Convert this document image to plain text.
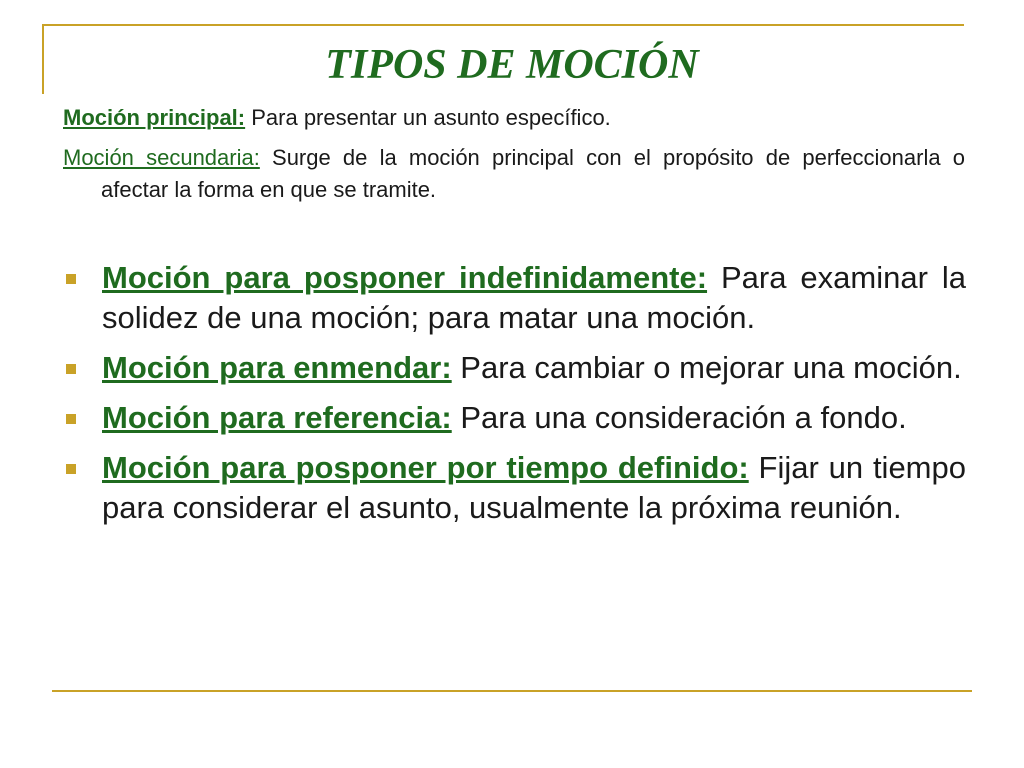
TIPOS DE MOCIÓN
Moción principal: Para presentar un asunto específico.
Moción secundaria: Surge de la moción principal con el propósito de perfeccionarla o afectar la forma en que se tramite.
Moción para posponer indefinidamente: Para examinar la solidez de una moción; para matar una moción.
Moción para enmendar: Para cambiar o mejorar una moción.
Moción para referencia: Para una consideración a fondo.
Moción para posponer por tiempo definido: Fijar un tiempo para considerar el asunto, usualmente la próxima reunión.
